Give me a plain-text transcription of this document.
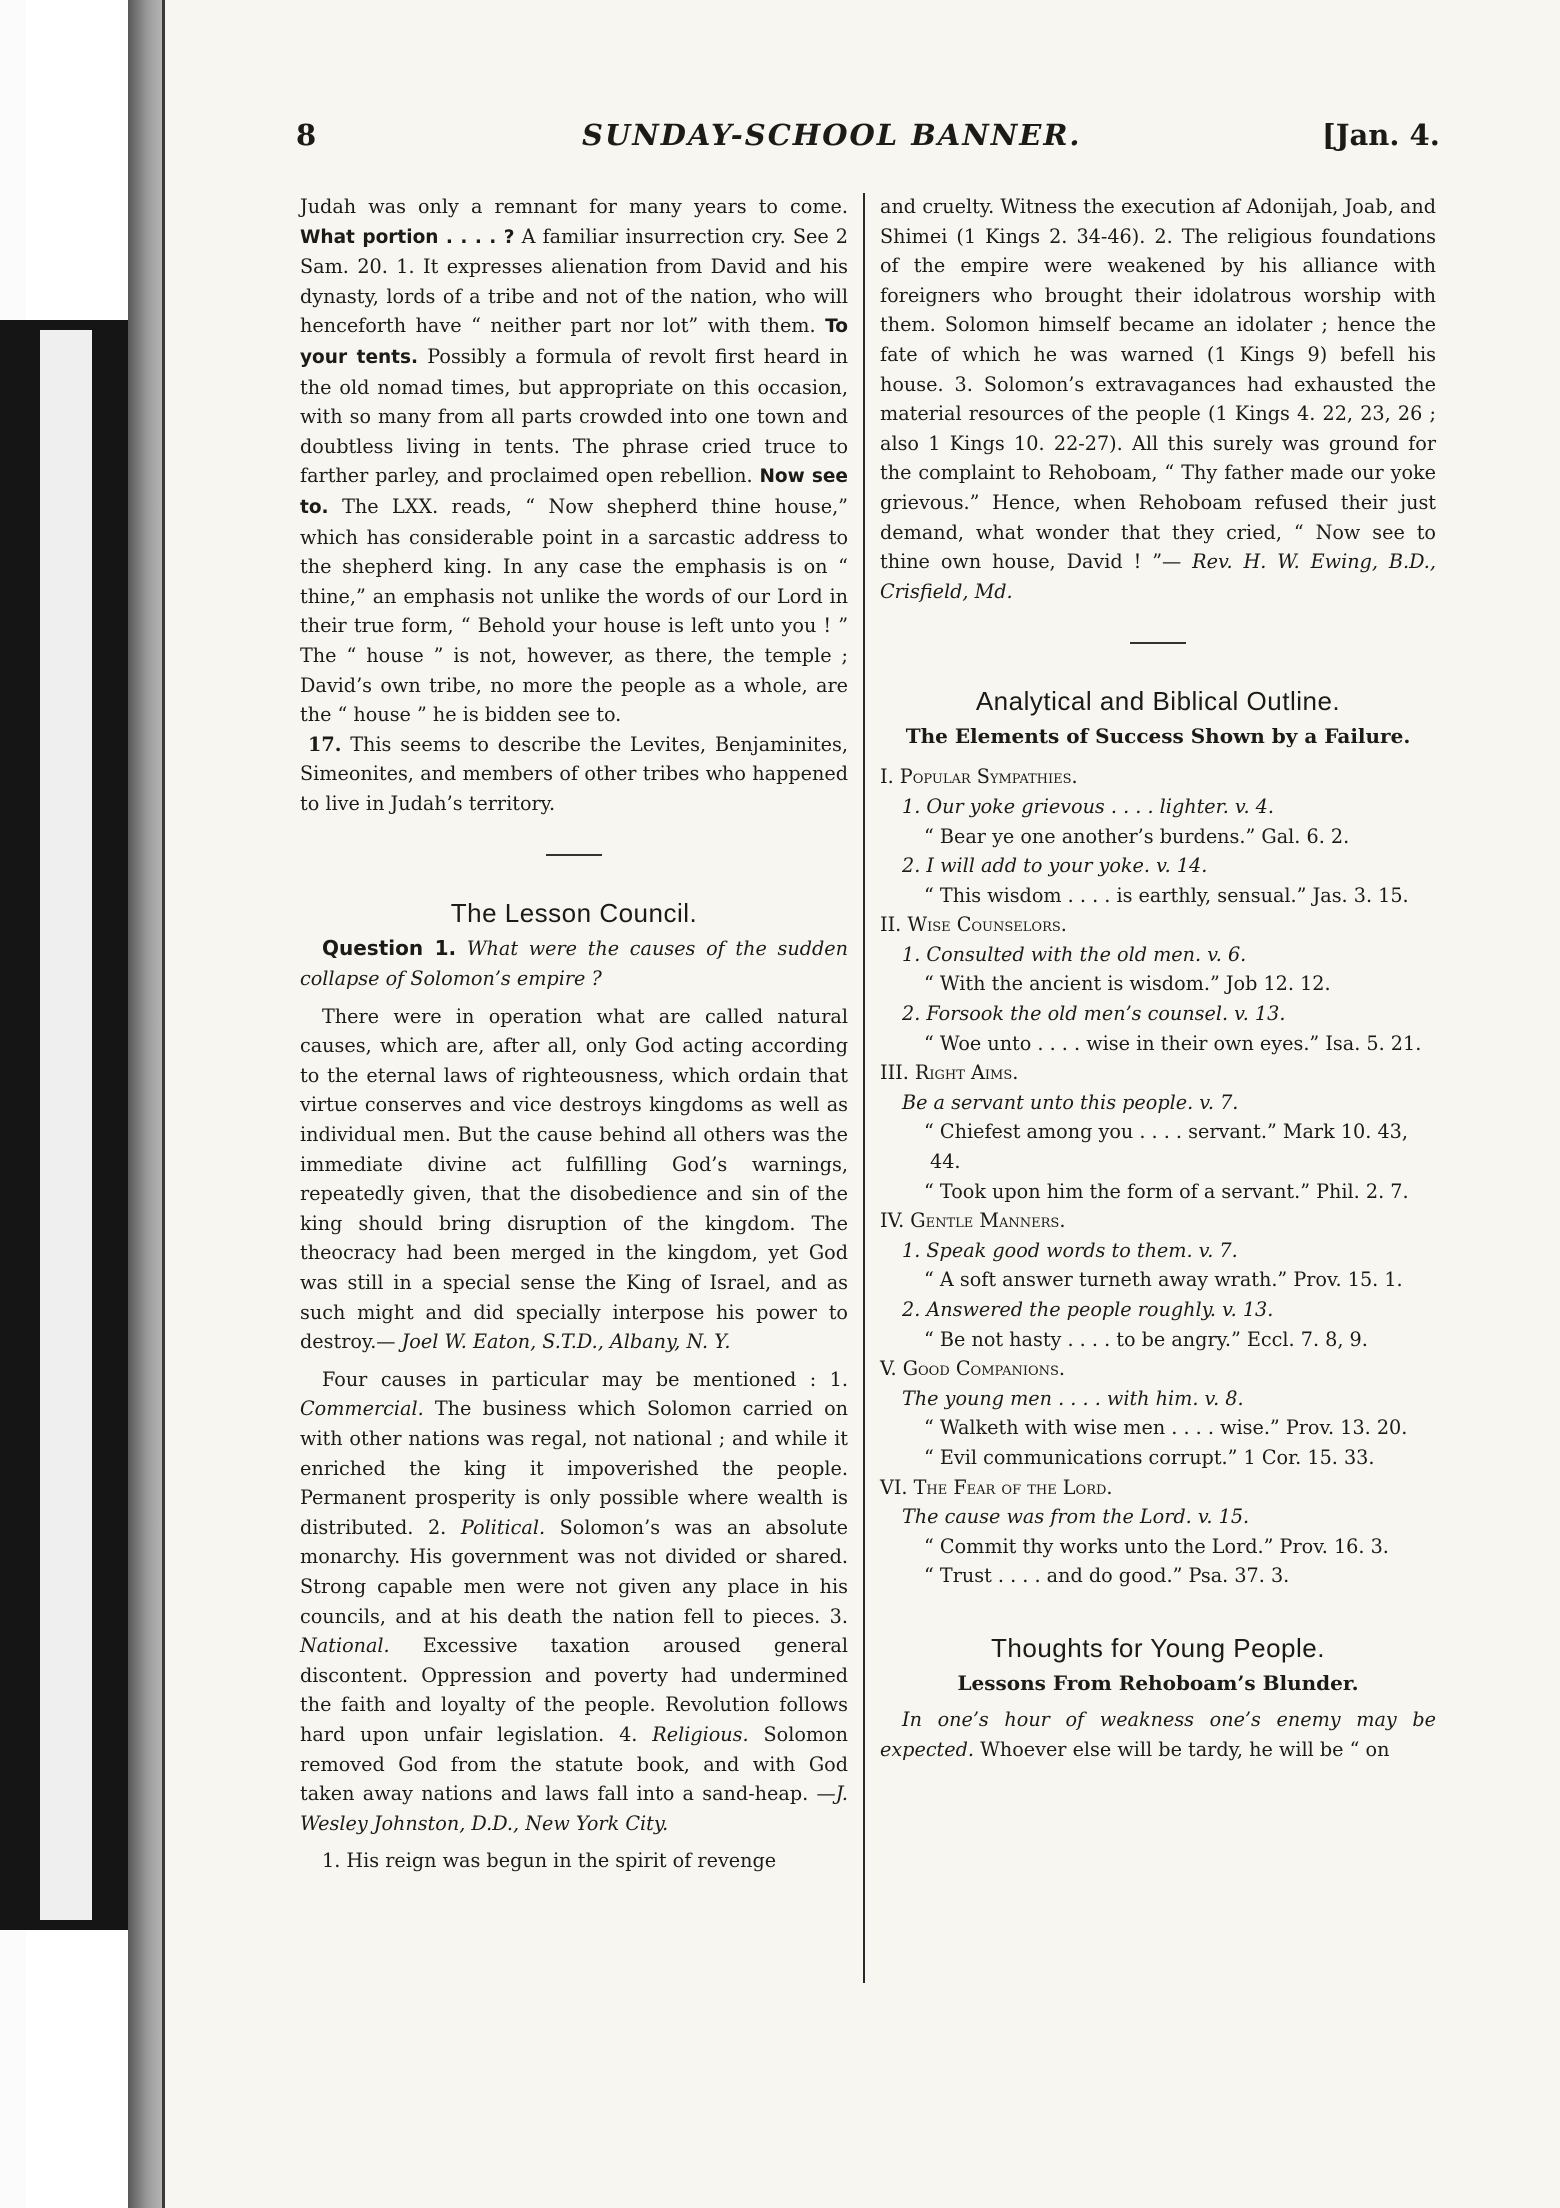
8	SUNDAY-SCHOOL BANNER.	[Jan. 4.

Judah was only a remnant for many years to come. What portion . . . . ? A familiar insurrection cry. See 2 Sam. 20. 1. It expresses alienation from David and his dynasty, lords of a tribe and not of the nation, who will henceforth have “ neither part nor lot” with them. To your tents. Possibly a formula of revolt first heard in the old nomad times, but appropriate on this occasion, with so many from all parts crowded into one town and doubtless living in tents. The phrase cried truce to farther parley, and proclaimed open rebellion. Now see to. The LXX. reads, “ Now shepherd thine house,” which has considerable point in a sarcastic address to the shepherd king. In any case the emphasis is on “ thine,” an emphasis not unlike the words of our Lord in their true form, “ Behold your house is left unto you ! ” The “ house ” is not, however, as there, the temple ; David’s own tribe, no more the people as a whole, are the “ house ” he is bidden see to.

17. This seems to describe the Levites, Benjaminites, Simeonites, and members of other tribes who happened to live in Judah’s territory.

The Lesson Council.

Question 1. What were the causes of the sudden collapse of Solomon’s empire ?

There were in operation what are called natural causes, which are, after all, only God acting according to the eternal laws of righteousness, which ordain that virtue conserves and vice destroys kingdoms as well as individual men. But the cause behind all others was the immediate divine act fulfilling God’s warnings, repeatedly given, that the disobedience and sin of the king should bring disruption of the kingdom. The theocracy had been merged in the kingdom, yet God was still in a special sense the King of Israel, and as such might and did specially interpose his power to destroy.— Joel W. Eaton, S.T.D., Albany, N. Y.

Four causes in particular may be mentioned : 1. Commercial. The business which Solomon carried on with other nations was regal, not national ; and while it enriched the king it impoverished the people. Permanent prosperity is only possible where wealth is distributed. 2. Political. Solomon’s was an absolute monarchy. His government was not divided or shared. Strong capable men were not given any place in his councils, and at his death the nation fell to pieces. 3. National. Excessive taxation aroused general discontent. Oppression and poverty had undermined the faith and loyalty of the people. Revolution follows hard upon unfair legislation. 4. Religious. Solomon removed God from the statute book, and with God taken away nations and laws fall into a sand-heap. —J. Wesley Johnston, D.D., New York City.

1. His reign was begun in the spirit of revenge

and cruelty. Witness the execution af Adonijah, Joab, and Shimei (1 Kings 2. 34-46). 2. The religious foundations of the empire were weakened by his alliance with foreigners who brought their idolatrous worship with them. Solomon himself became an idolater ; hence the fate of which he was warned (1 Kings 9) befell his house. 3. Solomon’s extravagances had exhausted the material resources of the people (1 Kings 4. 22, 23, 26 ; also 1 Kings 10. 22-27). All this surely was ground for the complaint to Rehoboam, “ Thy father made our yoke grievous.” Hence, when Rehoboam refused their just demand, what wonder that they cried, “ Now see to thine own house, David ! ”— Rev. H. W. Ewing, B.D., Crisfield, Md.

Analytical and Biblical Outline.
The Elements of Success Shown by a Failure.
I. Popular Sympathies.
1. Our yoke grievous . . . . lighter. v. 4.
“ Bear ye one another’s burdens.” Gal. 6. 2.
2. I will add to your yoke. v. 14.
“ This wisdom . . . . is earthly, sensual.” Jas. 3. 15.
II. Wise Counselors.
1. Consulted with the old men. v. 6.
“ With the ancient is wisdom.” Job 12. 12.
2. Forsook the old men’s counsel. v. 13.
“ Woe unto . . . . wise in their own eyes.” Isa. 5. 21.
III. Right Aims.
Be a servant unto this people. v. 7.
“ Chiefest among you . . . . servant.” Mark 10. 43, 44.
“ Took upon him the form of a servant.” Phil. 2. 7.
IV. Gentle Manners.
1. Speak good words to them. v. 7.
“ A soft answer turneth away wrath.” Prov. 15. 1.
2. Answered the people roughly. v. 13.
“ Be not hasty . . . . to be angry.” Eccl. 7. 8, 9.
V. Good Companions.
The young men . . . . with him. v. 8.
“ Walketh with wise men . . . . wise.” Prov. 13. 20.
“ Evil communications corrupt.” 1 Cor. 15. 33.
VI. The Fear of the Lord.
The cause was from the Lord. v. 15.
“ Commit thy works unto the Lord.” Prov. 16. 3.
“ Trust . . . . and do good.” Psa. 37. 3.
Thoughts for Young People.
Lessons From Rehoboam’s Blunder.

In one’s hour of weakness one’s enemy may be expected. Whoever else will be tardy, he will be “ on
